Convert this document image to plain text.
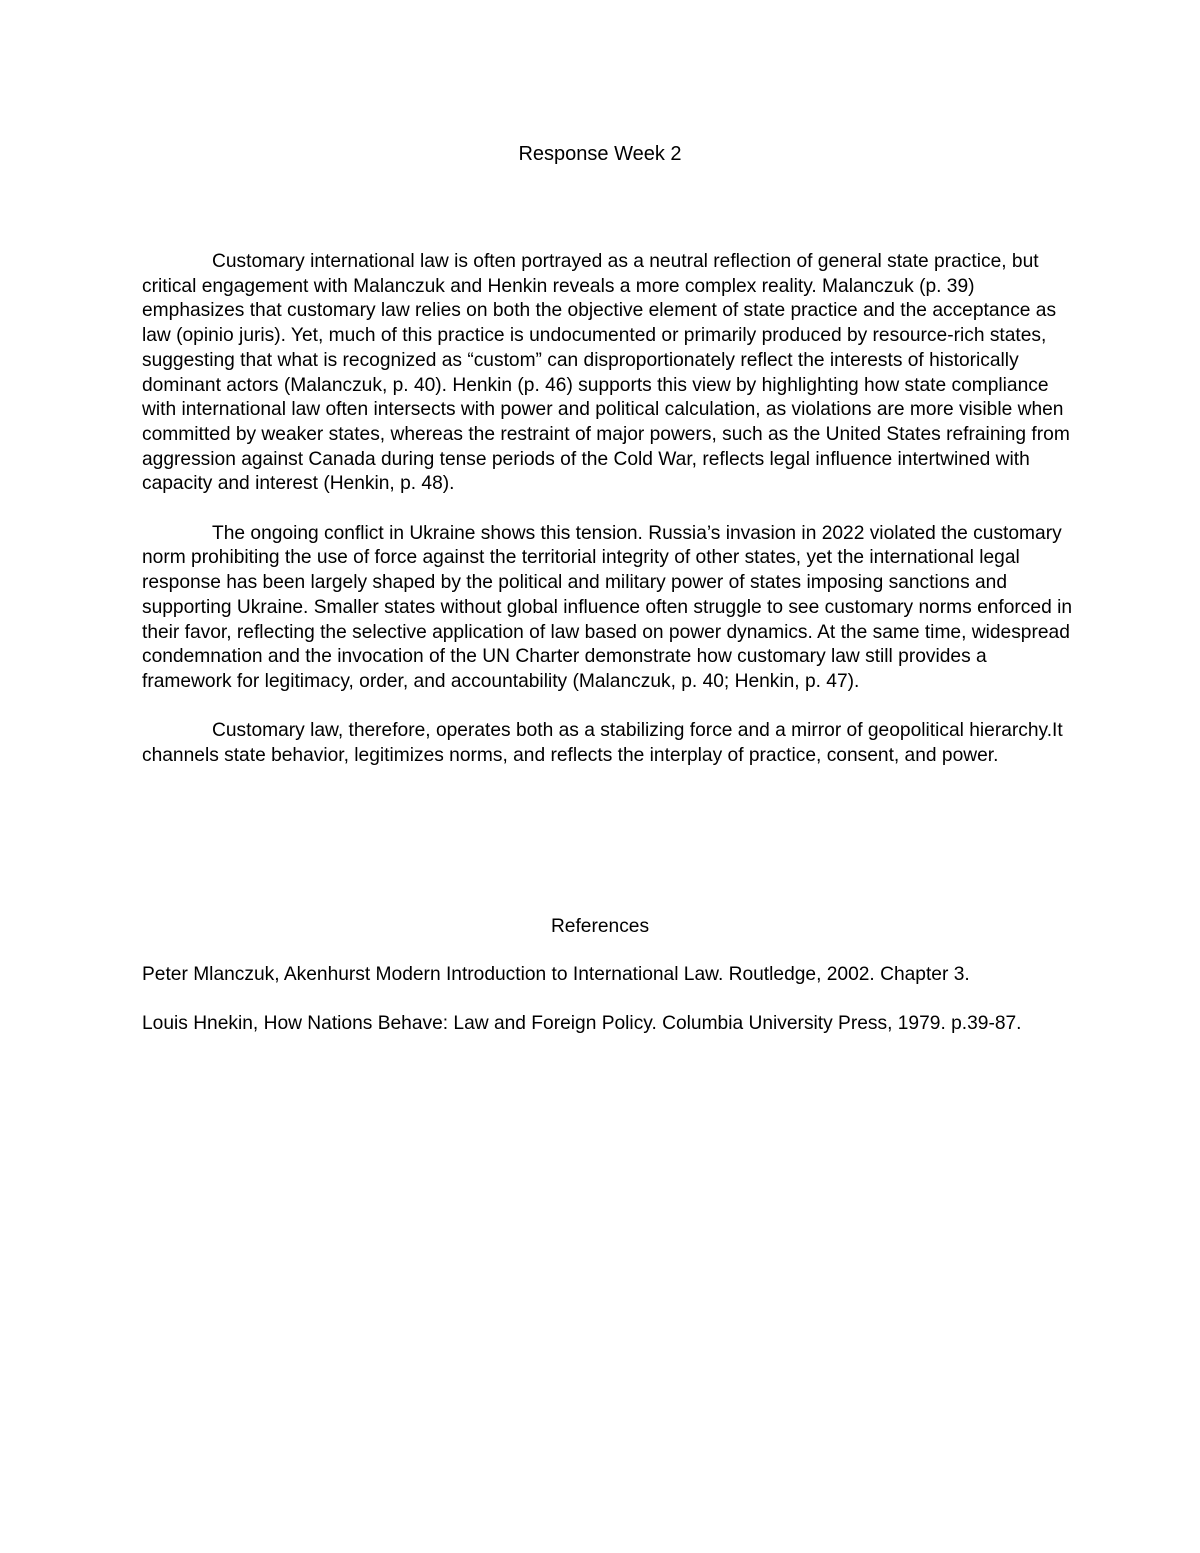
Response Week 2

Customary international law is often portrayed as a neutral reflection of general state practice, but critical engagement with Malanczuk and Henkin reveals a more complex reality. Malanczuk (p. 39) emphasizes that customary law relies on both the objective element of state practice and the acceptance as law (opinio juris). Yet, much of this practice is undocumented or primarily produced by resource-rich states, suggesting that what is recognized as “custom” can disproportionately reflect the interests of historically dominant actors (Malanczuk, p. 40). Henkin (p. 46) supports this view by highlighting how state compliance with international law often intersects with power and political calculation, as violations are more visible when committed by weaker states, whereas the restraint of major powers, such as the United States refraining from aggression against Canada during tense periods of the Cold War, reflects legal influence intertwined with capacity and interest (Henkin, p. 48).

The ongoing conflict in Ukraine shows this tension. Russia’s invasion in 2022 violated the customary norm prohibiting the use of force against the territorial integrity of other states, yet the international legal response has been largely shaped by the political and military power of states imposing sanctions and supporting Ukraine. Smaller states without global influence often struggle to see customary norms enforced in their favor, reflecting the selective application of law based on power dynamics. At the same time, widespread condemnation and the invocation of the UN Charter demonstrate how customary law still provides a framework for legitimacy, order, and accountability (Malanczuk, p. 40; Henkin, p. 47).

Customary law, therefore, operates both as a stabilizing force and a mirror of geopolitical hierarchy.It channels state behavior, legitimizes norms, and reflects the interplay of practice, consent, and power.

References

Peter Mlanczuk, Akenhurst Modern Introduction to International Law. Routledge, 2002. Chapter 3.

Louis Hnekin, How Nations Behave: Law and Foreign Policy. Columbia University Press, 1979. p.39-87.
